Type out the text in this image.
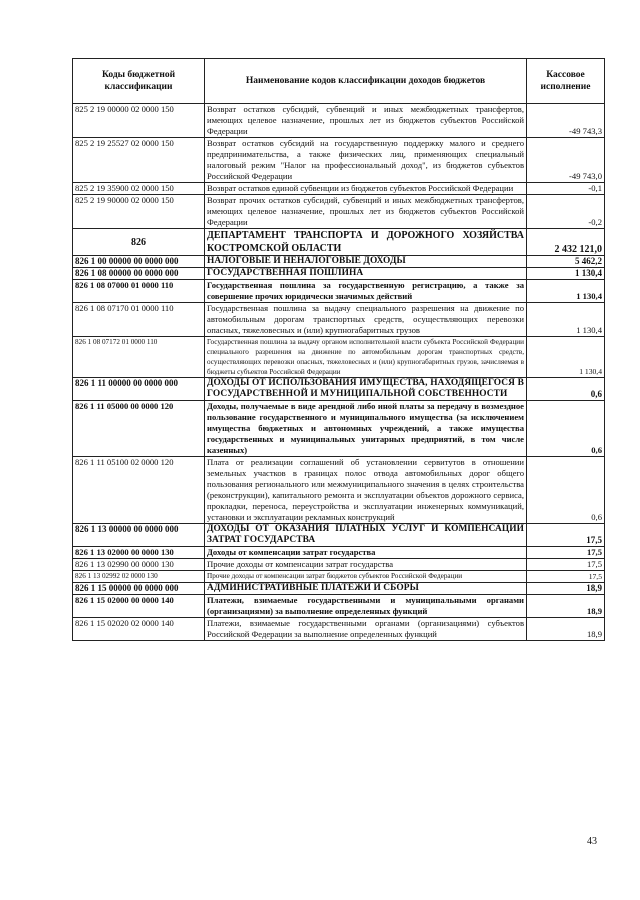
Коды бюджетной классификации	Наименование кодов классификации доходов бюджетов	Кассовое исполнение
825 2 19 00000 02 0000 150	Возврат остатков субсидий, субвенций и иных межбюджетных трансфертов, имеющих целевое назначение, прошлых лет из бюджетов субъектов Российской Федерации	-49 743,3
825 2 19 25527 02 0000 150	Возврат остатков субсидий на государственную поддержку малого и среднего предпринимательства, а также физических лиц, применяющих специальный налоговый режим "Налог на профессиональный доход", из бюджетов субъектов Российской Федерации	-49 743,0
825 2 19 35900 02 0000 150	Возврат остатков единой субвенции из бюджетов субъектов Российской Федерации	-0,1
825 2 19 90000 02 0000 150	Возврат прочих остатков субсидий, субвенций и иных межбюджетных трансфертов, имеющих целевое назначение, прошлых лет из бюджетов субъектов Российской Федерации	-0,2
826	ДЕПАРТАМЕНТ ТРАНСПОРТА И ДОРОЖНОГО ХОЗЯЙСТВА КОСТРОМСКОЙ ОБЛАСТИ	2 432 121,0
826 1 00 00000 00 0000 000	НАЛОГОВЫЕ И НЕНАЛОГОВЫЕ ДОХОДЫ	5 462,2
826 1 08 00000 00 0000 000	ГОСУДАРСТВЕННАЯ ПОШЛИНА	1 130,4
826 1 08 07000 01 0000 110	Государственная пошлина за государственную регистрацию, а также за совершение прочих юридически значимых действий	1 130,4
826 1 08 07170 01 0000 110	Государственная пошлина за выдачу специального разрешения на движение по автомобильным дорогам транспортных средств, осуществляющих перевозки опасных, тяжеловесных и (или) крупногабаритных грузов	1 130,4
826 1 08 07172 01 0000 110	Государственная пошлина за выдачу органом исполнительной власти субъекта Российской Федерации специального разрешения на движение по автомобильным дорогам транспортных средств, осуществляющих перевозки опасных, тяжеловесных и (или) крупногабаритных грузов, зачисляемая в бюджеты субъектов Российской Федерации	1 130,4
826 1 11 00000 00 0000 000	ДОХОДЫ ОТ ИСПОЛЬЗОВАНИЯ ИМУЩЕСТВА, НАХОДЯЩЕГОСЯ В ГОСУДАРСТВЕННОЙ И МУНИЦИПАЛЬНОЙ СОБСТВЕННОСТИ	0,6
826 1 11 05000 00 0000 120	Доходы, получаемые в виде арендной либо иной платы за передачу в возмездное пользование государственного и муниципального имущества (за исключением имущества бюджетных и автономных учреждений, а также имущества государственных и муниципальных унитарных предприятий, в том числе казенных)	0,6
826 1 11 05100 02 0000 120	Плата от реализации соглашений об установлении сервитутов в отношении земельных участков в границах полос отвода автомобильных дорог общего пользования регионального или межмуниципального значения в целях строительства (реконструкции), капитального ремонта и эксплуатации объектов дорожного сервиса, прокладки, переноса, переустройства и эксплуатации инженерных коммуникаций, установки и эксплуатации рекламных конструкций	0,6
826 1 13 00000 00 0000 000	ДОХОДЫ ОТ ОКАЗАНИЯ ПЛАТНЫХ УСЛУГ И КОМПЕНСАЦИИ ЗАТРАТ ГОСУДАРСТВА	17,5
826 1 13 02000 00 0000 130	Доходы от компенсации затрат государства	17,5
826 1 13 02990 00 0000 130	Прочие доходы от компенсации затрат государства	17,5
826 1 13 02992 02 0000 130	Прочие доходы от компенсации затрат бюджетов субъектов Российской Федерации	17,5
826 1 15 00000 00 0000 000	АДМИНИСТРАТИВНЫЕ ПЛАТЕЖИ И СБОРЫ	18,9
826 1 15 02000 00 0000 140	Платежи, взимаемые государственными и муниципальными органами (организациями) за выполнение определенных функций	18,9
826 1 15 02020 02 0000 140	Платежи, взимаемые государственными органами (организациями) субъектов Российской Федерации за выполнение определенных функций	18,9
43
